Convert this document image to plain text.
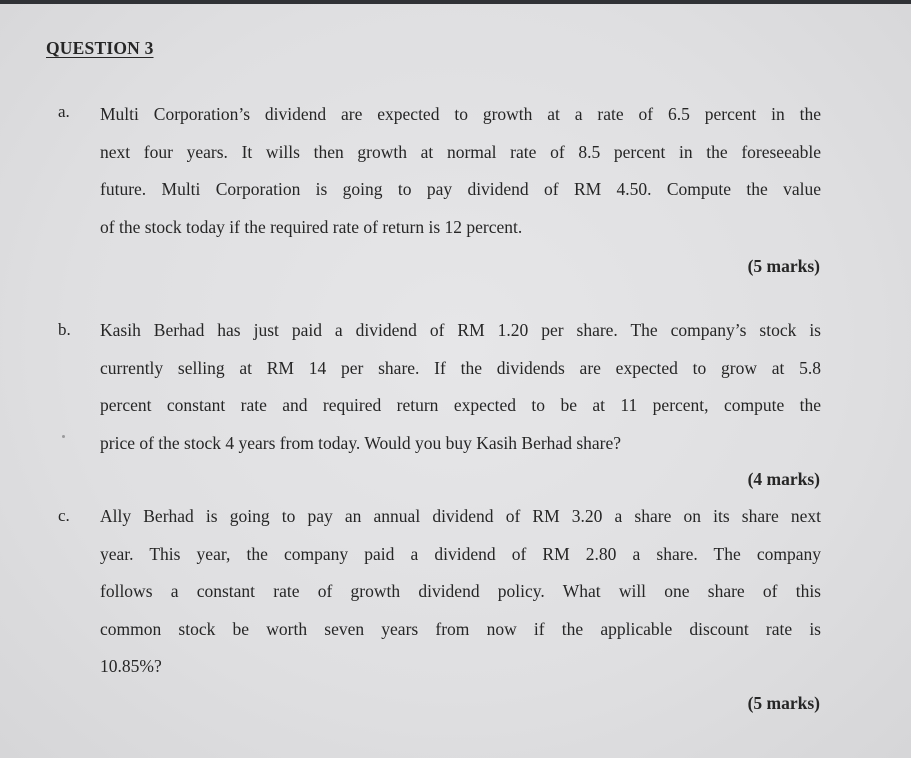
QUESTION 3
a. Multi Corporation’s dividend are expected to growth at a rate of 6.5 percent in the
next four years. It wills then growth at normal rate of 8.5 percent in the foreseeable
future. Multi Corporation is going to pay dividend of RM 4.50. Compute the value
of the stock today if the required rate of return is 12 percent.

(5 marks)
b. Kasih Berhad has just paid a dividend of RM 1.20 per share. The company’s stock is
currently selling at RM 14 per share. If the dividends are expected to grow at 5.8
percent constant rate and required return expected to be at 11 percent, compute the
price of the stock 4 years from today. Would you buy Kasih Berhad share?

(4 marks)
c. Ally Berhad is going to pay an annual dividend of RM 3.20 a share on its share next
year. This year, the company paid a dividend of RM 2.80 a share. The company
follows a constant rate of growth dividend policy. What will one share of this
common stock be worth seven years from now if the applicable discount rate is
10.85%?

(5 marks)
